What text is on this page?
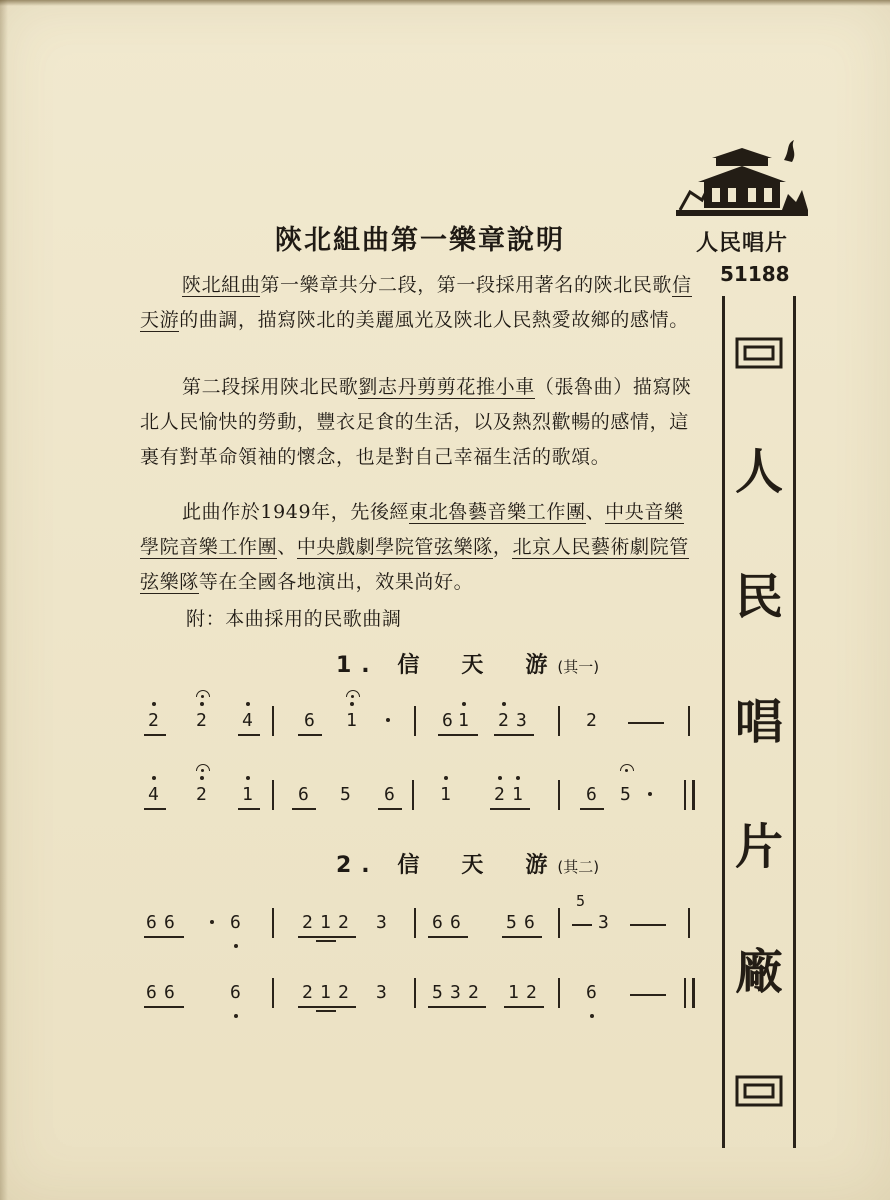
人民唱片
51188
人
民
唱
片
廠
陝北組曲第一樂章說明
陝北組曲第一樂章共分二段，第一段採用著名的陝北民歌信天游的曲調，描寫陝北的美麗風光及陝北人民熱愛故鄉的感情。
第二段採用陝北民歌劉志丹剪剪花推小車（張魯曲）描寫陝北人民愉快的勞動，豐衣足食的生活，以及熱烈歡暢的感情，這裏有對革命領袖的懷念，也是對自己幸福生活的歌頌。
此曲作於1949年，先後經東北魯藝音樂工作團、中央音樂學院音樂工作團、中央戲劇學院管弦樂隊，北京人民藝術劇院管弦樂隊等在全國各地演出，效果尚好。
附：本曲採用的民歌曲調
1. 信　天　游(其一)
2 2 4	6 1	6 1 2 3	2
4 2 1	6 5 6	1 2 1	6 5
2. 信　天　游(其二)
6 6	6	2 1 2 3	6 6	5 6
5
3
6 6	6	2 1 2 3	5 3 2 1 2	6
